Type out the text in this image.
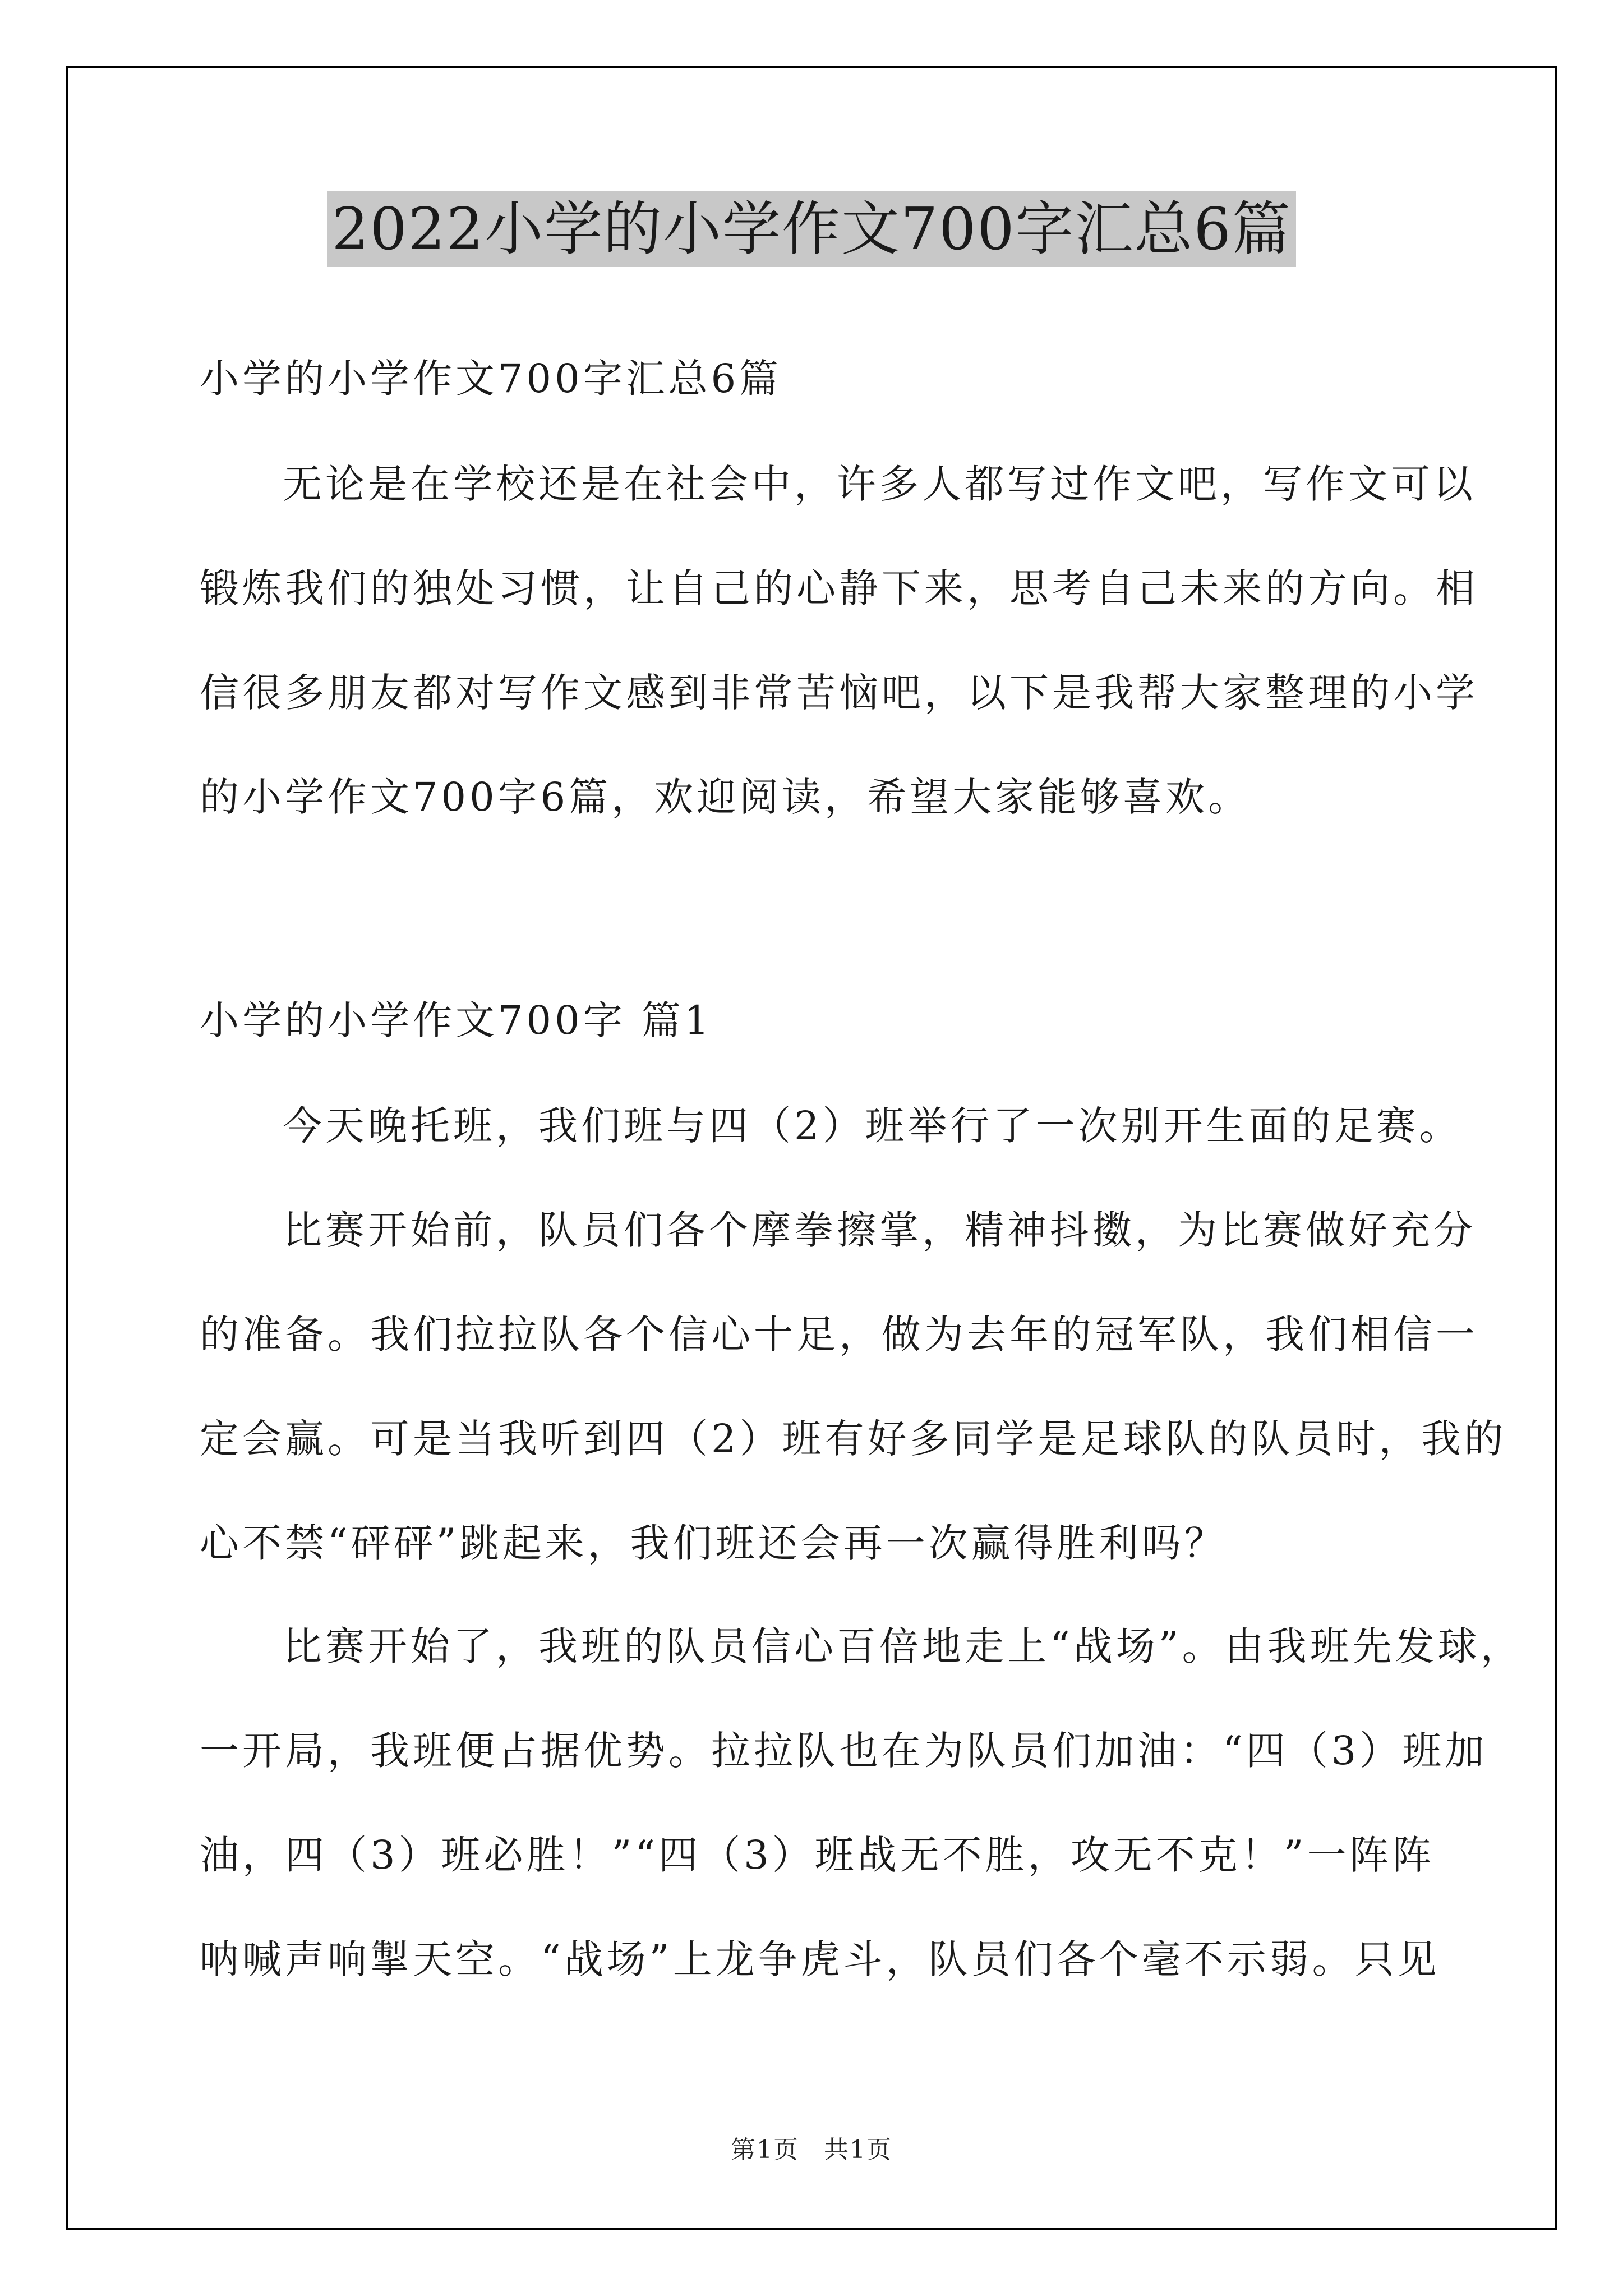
2022小学的小学作文700字汇总6篇
小学的小学作文700字汇总6篇
无论是在学校还是在社会中，许多人都写过作文吧，写作文可以
锻炼我们的独处习惯，让自己的心静下来，思考自己未来的方向。相
信很多朋友都对写作文感到非常苦恼吧，以下是我帮大家整理的小学
的小学作文700字6篇，欢迎阅读，希望大家能够喜欢。
小学的小学作文700字 篇1
今天晚托班，我们班与四（2）班举行了一次别开生面的足赛。
比赛开始前，队员们各个摩拳擦掌，精神抖擞，为比赛做好充分
的准备。我们拉拉队各个信心十足，做为去年的冠军队，我们相信一
定会赢。可是当我听到四（2）班有好多同学是足球队的队员时，我的
心不禁“砰砰”跳起来，我们班还会再一次赢得胜利吗？
比赛开始了，我班的队员信心百倍地走上“战场”。由我班先发球，
一开局，我班便占据优势。拉拉队也在为队员们加油：“四（3）班加
油，四（3）班必胜！”“四（3）班战无不胜，攻无不克！”一阵阵
呐喊声响掣天空。“战场”上龙争虎斗，队员们各个毫不示弱。只见
第1页 共1页
